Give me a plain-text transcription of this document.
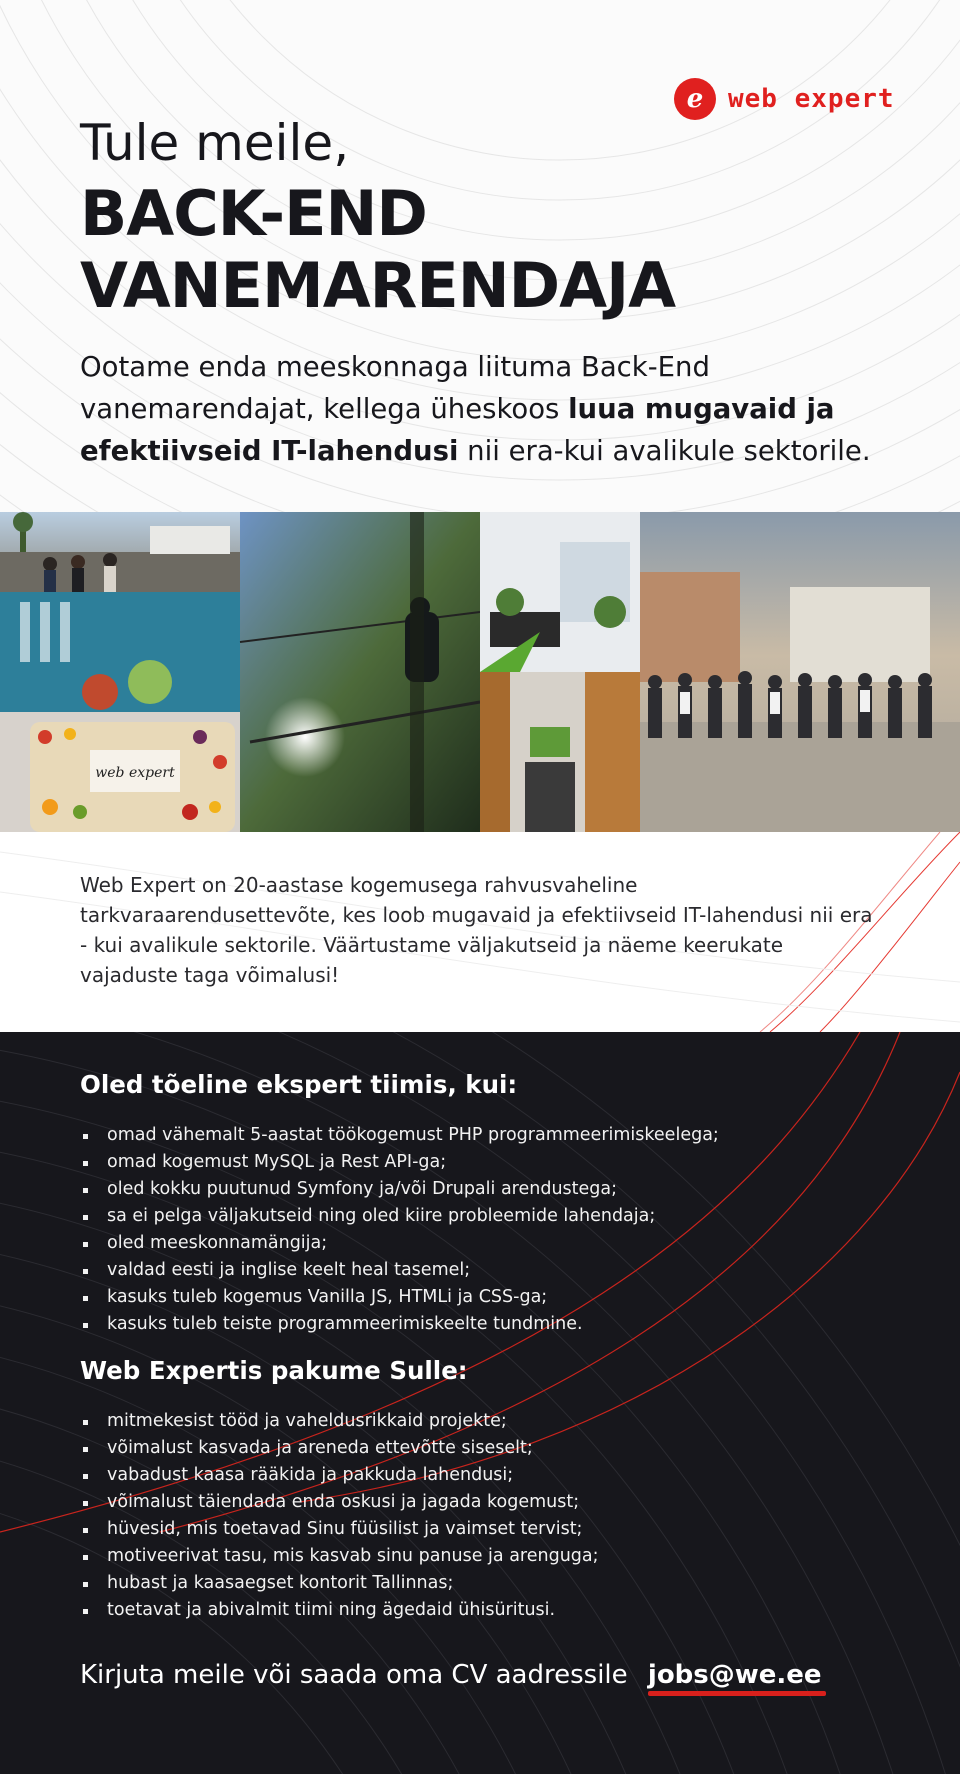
e web expert
Tule meile,
BACK-END
VANEMARENDAJA

Ootame enda meeskonnaga liituma Back-End vanemarendajat, kellega üheskoos luua mugavaid ja efektiivseid IT-lahendusi nii era-kui avalikule sektorile.

web expert

Web Expert on 20-aastase kogemusega rahvusvaheline tarkvaraarendusettevõte, kes loob mugavaid ja efektiivseid IT-lahendusi nii era - kui avalikule sektorile. Väärtustame väljakutseid ja näeme keerukate vajaduste taga võimalusi!

Oled tõeline ekspert tiimis, kui:
omad vähemalt 5-aastat töökogemust PHP programmeerimiskeelega;
omad kogemust MySQL ja Rest API-ga;
oled kokku puutunud Symfony ja/või Drupali arendustega;
sa ei pelga väljakutseid ning oled kiire probleemide lahendaja;
oled meeskonnamängija;
valdad eesti ja inglise keelt heal tasemel;
kasuks tuleb kogemus Vanilla JS, HTMLi ja CSS-ga;
kasuks tuleb teiste programmeerimiskeelte tundmine.
Web Expertis pakume Sulle:
mitmekesist tööd ja vaheldusrikkaid projekte;
võimalust kasvada ja areneda ettevõtte siseselt;
vabadust kaasa rääkida ja pakkuda lahendusi;
võimalust täiendada enda oskusi ja jagada kogemust;
hüvesid, mis toetavad Sinu füüsilist ja vaimset tervist;
motiveerivat tasu, mis kasvab sinu panuse ja arenguga;
hubast ja kaasaegset kontorit Tallinnas;
toetavat ja abivalmit tiimi ning ägedaid ühisüritusi.
Kirjuta meile või saada oma CV aadressile jobs@we.ee
